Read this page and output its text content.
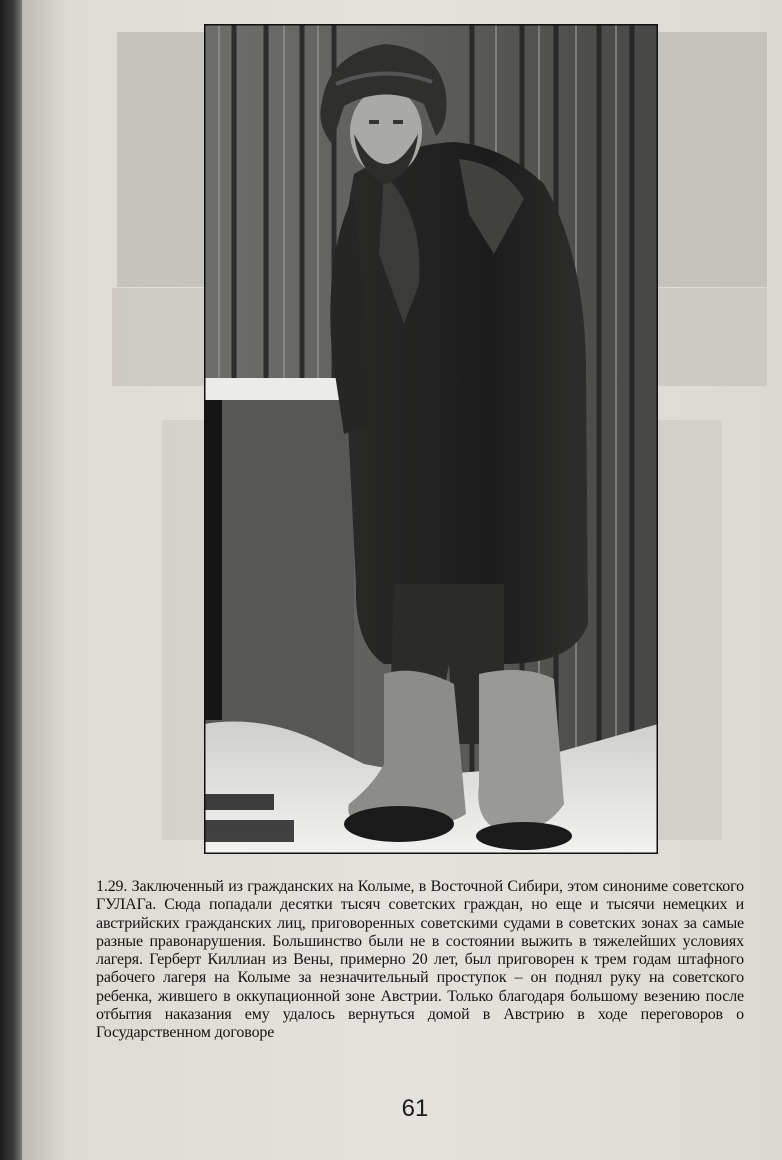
1.29. Заключенный из гражданских на Колыме, в Восточной Сибири, этом синониме советского ГУЛАГа. Сюда попадали десятки тысяч советских граждан, но еще и тысячи немецких и австрийских гражданских лиц, приговоренных советскими судами в советских зонах за самые разные правонарушения. Большинство были не в состоянии выжить в тяжелейших условиях лагеря. Герберт Киллиан из Вены, примерно 20 лет, был приговорен к трем годам штафного рабочего лагеря на Колыме за незначительный проступок – он поднял руку на советского ребенка, жившего в оккупационной зоне Австрии. Только благодаря большому везению после отбытия наказания ему удалось вернуться домой в Австрию в ходе переговоров о Государственном договоре

61
